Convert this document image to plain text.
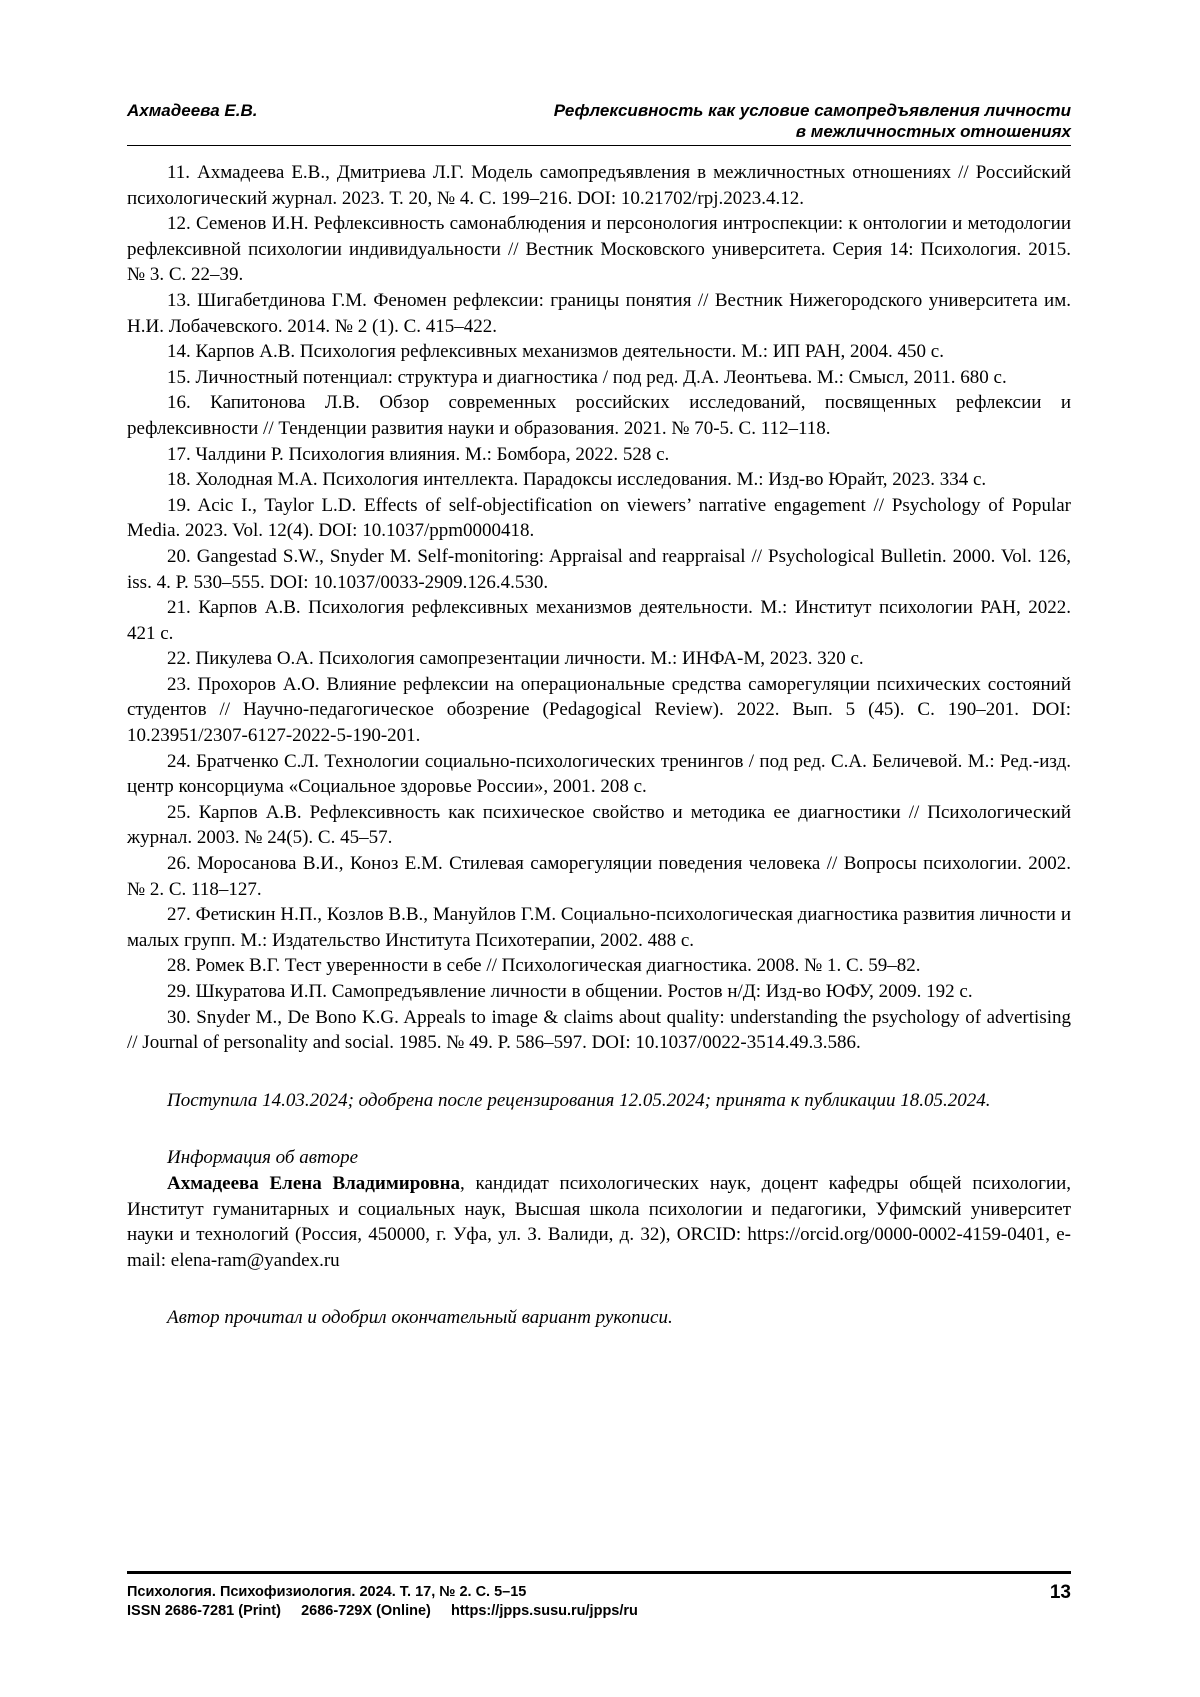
Ахмадеева Е.В.	Рефлексивность как условие самопредъявления личности
в межличностных отношениях

11. Ахмадеева Е.В., Дмитриева Л.Г. Модель самопредъявления в межличностных отношениях // Российский психологический журнал. 2023. Т. 20, № 4. С. 199–216. DOI: 10.21702/rpj.2023.4.12.

12. Семенов И.Н. Рефлексивность самонаблюдения и персонология интроспекции: к онтологии и методологии рефлексивной психологии индивидуальности // Вестник Московского университета. Серия 14: Психология. 2015. № 3. С. 22–39.

13. Шигабетдинова Г.М. Феномен рефлексии: границы понятия // Вестник Нижегородского университета им. Н.И. Лобачевского. 2014. № 2 (1). С. 415–422.

14. Карпов А.В. Психология рефлексивных механизмов деятельности. М.: ИП РАН, 2004. 450 с.

15. Личностный потенциал: структура и диагностика / под ред. Д.А. Леонтьева. М.: Смысл, 2011. 680 с.

16. Капитонова Л.В. Обзор современных российских исследований, посвященных рефлексии и рефлексивности // Тенденции развития науки и образования. 2021. № 70-5. С. 112–118.

17. Чалдини Р. Психология влияния. М.: Бомбора, 2022. 528 с.

18. Холодная М.А. Психология интеллекта. Парадоксы исследования. М.: Изд-во Юрайт, 2023. 334 с.

19. Acic I., Taylor L.D. Effects of self-objectification on viewers’ narrative engagement // Psychology of Popular Media. 2023. Vol. 12(4). DOI: 10.1037/ppm0000418.

20. Gangestad S.W., Snyder M. Self-monitoring: Appraisal and reappraisal // Psychological Bulletin. 2000. Vol. 126, iss. 4. P. 530–555. DOI: 10.1037/0033-2909.126.4.530.

21. Карпов А.В. Психология рефлексивных механизмов деятельности. М.: Институт психологии РАН, 2022. 421 с.

22. Пикулева О.А. Психология самопрезентации личности. М.: ИНФА-М, 2023. 320 с.

23. Прохоров А.О. Влияние рефлексии на операциональные средства саморегуляции психических состояний студентов // Научно-педагогическое обозрение (Pedagogical Review). 2022. Вып. 5 (45). С. 190–201. DOI: 10.23951/2307-6127-2022-5-190-201.

24. Братченко С.Л. Технологии социально-психологических тренингов / под ред. С.А. Беличевой. М.: Ред.-изд. центр консорциума «Социальное здоровье России», 2001. 208 с.

25. Карпов А.В. Рефлексивность как психическое свойство и методика ее диагностики // Психологический журнал. 2003. № 24(5). С. 45–57.

26. Моросанова В.И., Коноз Е.М. Стилевая саморегуляции поведения человека // Вопросы психологии. 2002. № 2. С. 118–127.

27. Фетискин Н.П., Козлов В.В., Мануйлов Г.М. Социально-психологическая диагностика развития личности и малых групп. М.: Издательство Института Психотерапии, 2002. 488 с.

28. Ромек В.Г. Тест уверенности в себе // Психологическая диагностика. 2008. № 1. С. 59–82.

29. Шкуратова И.П. Самопредъявление личности в общении. Ростов н/Д: Изд-во ЮФУ, 2009. 192 с.

30. Snyder M., De Bono K.G. Appeals to image & claims about quality: understanding the psychology of advertising // Journal of personality and social. 1985. № 49. P. 586–597. DOI: 10.1037/0022-3514.49.3.586.

Поступила 14.03.2024; одобрена после рецензирования 12.05.2024; принята к публикации 18.05.2024.

Информация об авторе

Ахмадеева Елена Владимировна, кандидат психологических наук, доцент кафедры общей психологии, Институт гуманитарных и социальных наук, Высшая школа психологии и педагогики, Уфимский университет науки и технологий (Россия, 450000, г. Уфа, ул. З. Валиди, д. 32), ORCID: https://orcid.org/0000-0002-4159-0401, e-mail: elena-ram@yandex.ru

Автор прочитал и одобрил окончательный вариант рукописи.

Психология. Психофизиология. 2024. Т. 17, № 2. С. 5–15
ISSN 2686-7281 (Print) 2686-729X (Online) https://jpps.susu.ru/jpps/ru
13
